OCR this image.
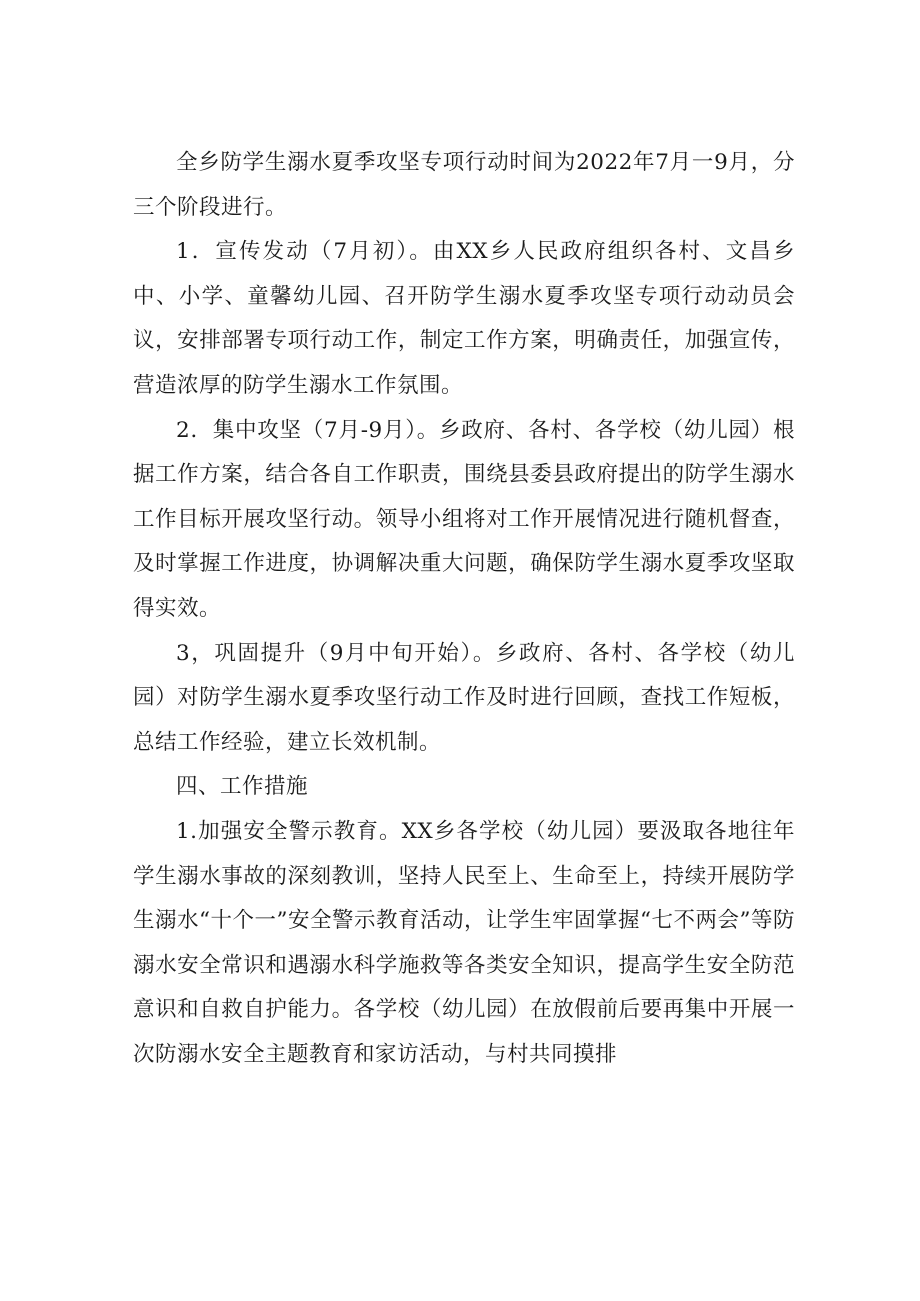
全乡防学生溺水夏季攻坚专项行动时间为2022年7月一9月，分三个阶段进行。

1．宣传发动（7月初）。由XX乡人民政府组织各村、文昌乡中、小学、童馨幼儿园、召开防学生溺水夏季攻坚专项行动动员会议，安排部署专项行动工作，制定工作方案，明确责任，加强宣传，营造浓厚的防学生溺水工作氛围。

2．集中攻坚（7月-9月）。乡政府、各村、各学校（幼儿园）根据工作方案，结合各自工作职责，围绕县委县政府提出的防学生溺水工作目标开展攻坚行动。领导小组将对工作开展情况进行随机督查，及时掌握工作进度，协调解决重大问题，确保防学生溺水夏季攻坚取得实效。

3，巩固提升（9月中旬开始）。乡政府、各村、各学校（幼儿园）对防学生溺水夏季攻坚行动工作及时进行回顾，查找工作短板，总结工作经验，建立长效机制。

四、工作措施

1.加强安全警示教育。XX乡各学校（幼儿园）要汲取各地往年学生溺水事故的深刻教训，坚持人民至上、生命至上，持续开展防学生溺水“十个一”安全警示教育活动，让学生牢固掌握“七不两会”等防溺水安全常识和遇溺水科学施救等各类安全知识，提高学生安全防范意识和自救自护能力。各学校（幼儿园）在放假前后要再集中开展一次防溺水安全主题教育和家访活动，与村共同摸排
